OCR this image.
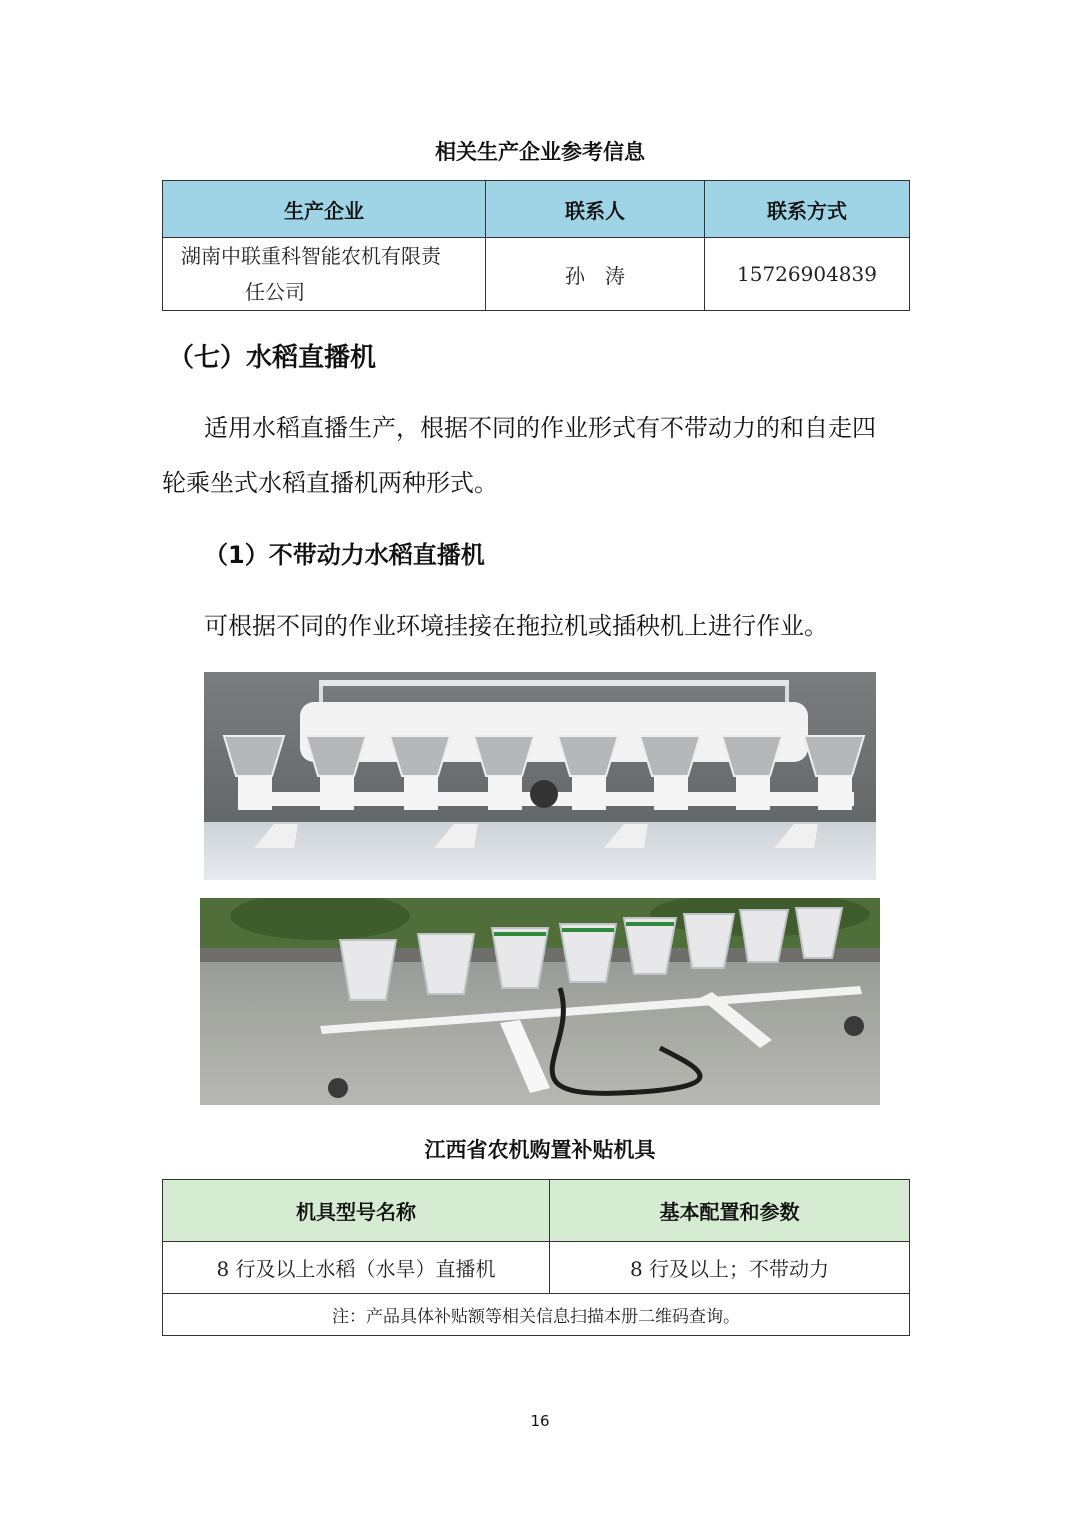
相关生产企业参考信息
生产企业	联系人	联系方式

湖南中联重科智能农机有限责
任公司	孙　涛	15726904839
（七）水稻直播机
适用水稻直播生产，根据不同的作业形式有不带动力的和自走四
轮乘坐式水稻直播机两种形式。
（1）不带动力水稻直播机
可根据不同的作业环境挂接在拖拉机或插秧机上进行作业。
江西省农机购置补贴机具
机具型号名称	基本配置和参数
8 行及以上水稻（水旱）直播机	8 行及以上；不带动力
注：产品具体补贴额等相关信息扫描本册二维码查询。	
16
